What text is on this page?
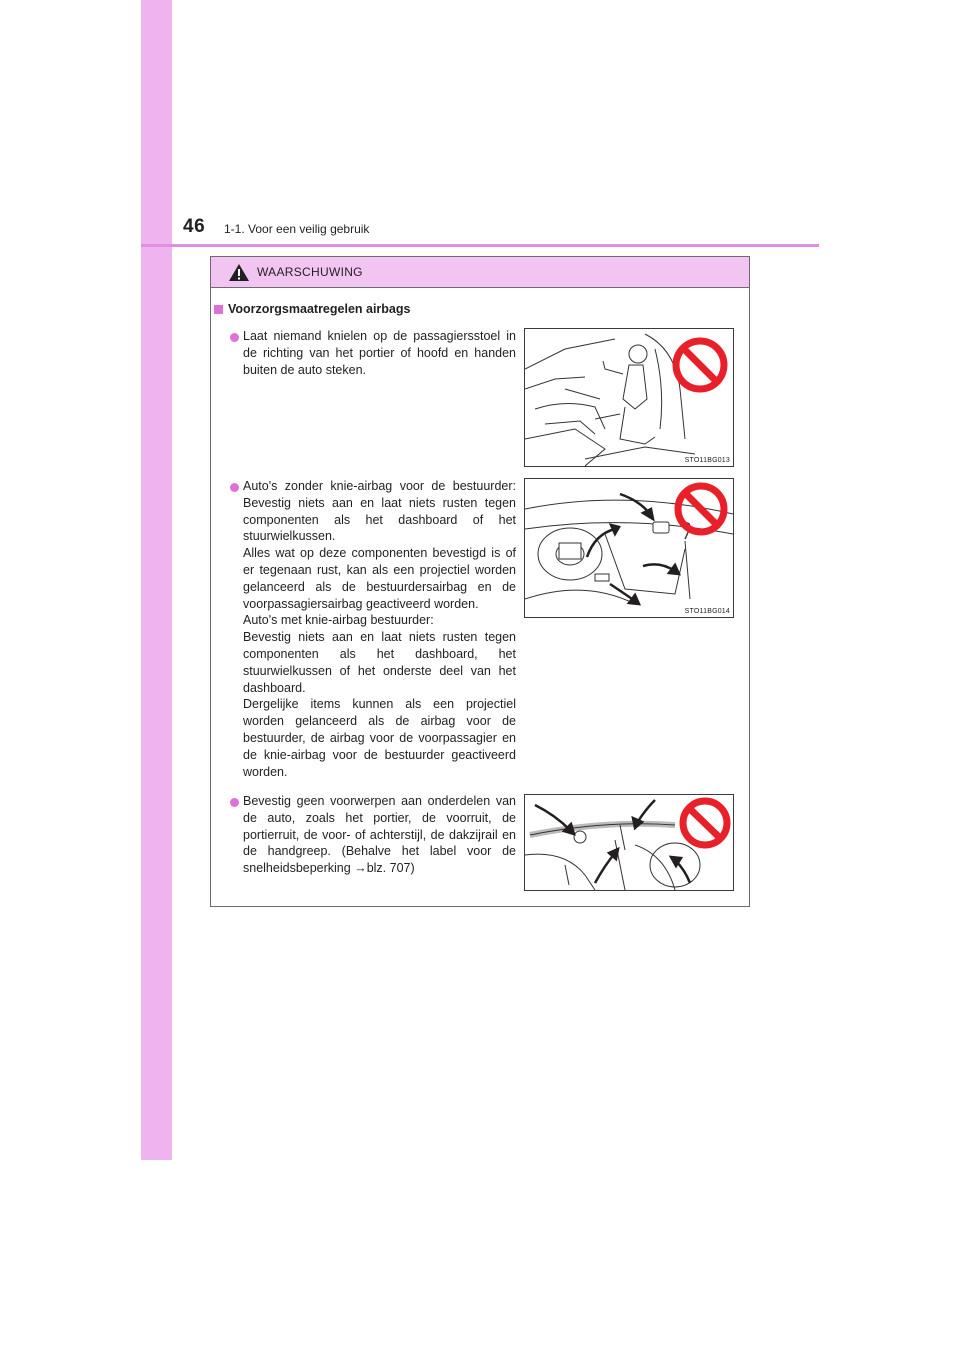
46 1-1. Voor een veilig gebruik
WAARSCHUWING
Voorzorgsmaatregelen airbags

Laat niemand knielen op de passagiersstoel in de richting van het portier of hoofd en handen buiten de auto steken.

STO11BG013

Auto's zonder knie-airbag voor de bestuurder: Bevestig niets aan en laat niets rusten tegen componenten als het dashboard of het stuurwielkussen.

Alles wat op deze componenten bevestigd is of er tegenaan rust, kan als een projectiel worden gelanceerd als de bestuurdersairbag en de voorpassagiersairbag geactiveerd worden.

Auto's met knie-airbag bestuurder:

Bevestig niets aan en laat niets rusten tegen componenten als het dashboard, het stuurwielkussen of het onderste deel van het dashboard.

Dergelijke items kunnen als een projectiel worden gelanceerd als de airbag voor de bestuurder, de airbag voor de voorpassagier en de knie-airbag voor de bestuurder geactiveerd worden.

STO11BG014

Bevestig geen voorwerpen aan onderdelen van de auto, zoals het portier, de voorruit, de portierruit, de voor- of achterstijl, de dakzijrail en de handgreep. (Behalve het label voor de snelheidsbeperking →blz. 707)
